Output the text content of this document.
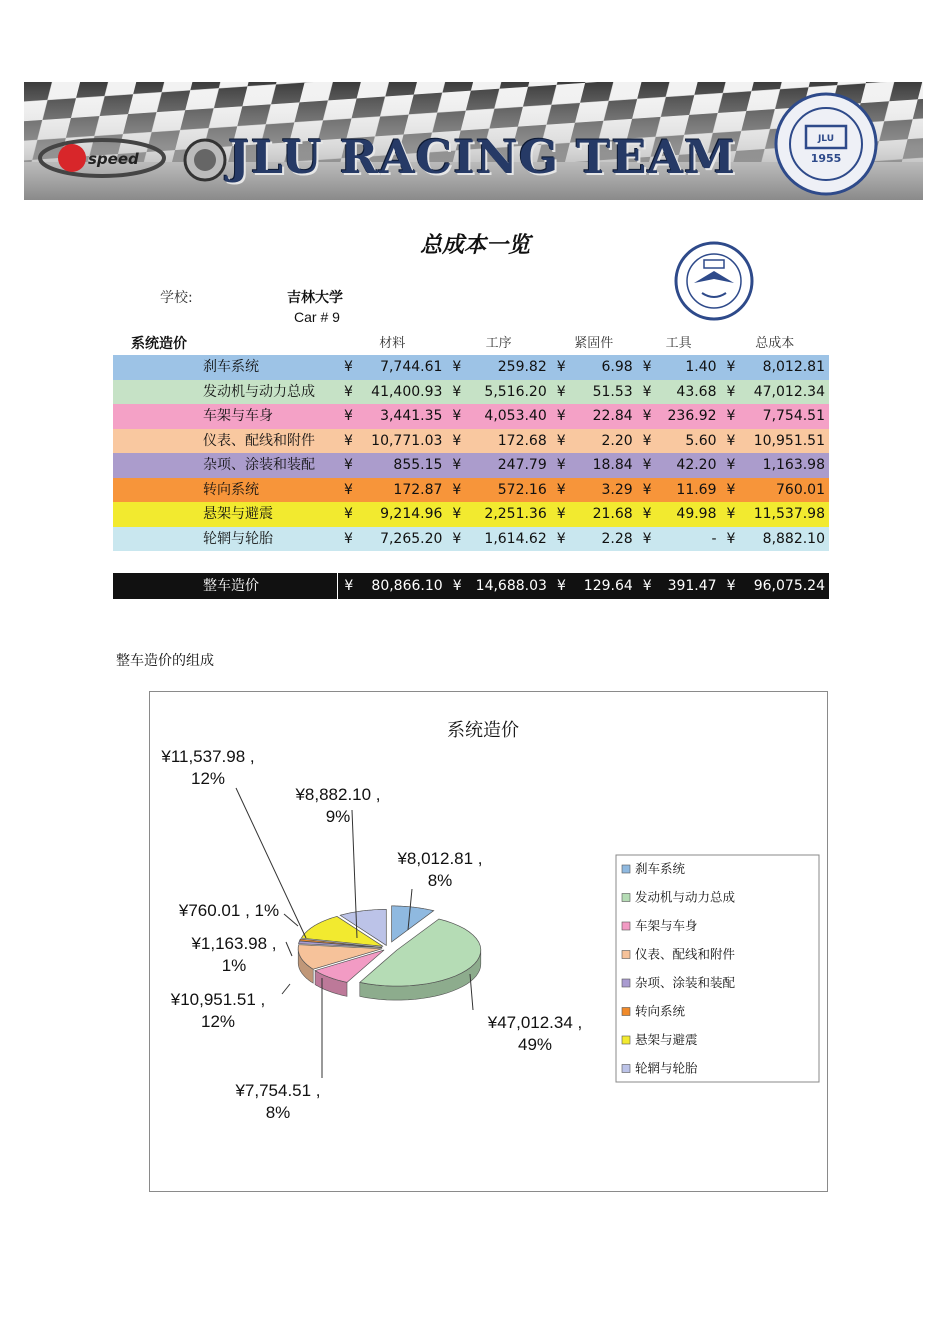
speed
JLU
1955
JLU RACING TEAM
总成本一览
学校:	吉林大学
Car # 9
系统造价	材料		工序		紧固件		工具		总成本	
刹车系统	¥	7,744.61	¥	259.82	¥	6.98	¥	1.40	¥	8,012.81
发动机与动力总成	¥	41,400.93	¥	5,516.20	¥	51.53	¥	43.68	¥	47,012.34
车架与车身	¥	3,441.35	¥	4,053.40	¥	22.84	¥	236.92	¥	7,754.51
仪表、配线和附件	¥	10,771.03	¥	172.68	¥	2.20	¥	5.60	¥	10,951.51
杂项、涂装和装配	¥	855.15	¥	247.79	¥	18.84	¥	42.20	¥	1,163.98
转向系统	¥	172.87	¥	572.16	¥	3.29	¥	11.69	¥	760.01
悬架与避震	¥	9,214.96	¥	2,251.36	¥	21.68	¥	49.98	¥	11,537.98
轮辋与轮胎	¥	7,265.20	¥	1,614.62	¥	2.28	¥	-	¥	8,882.10

整车造价	¥	80,866.10	¥	14,688.03	¥	129.64	¥	391.47	¥	96,075.24
整车造价的组成
系统造价
¥8,012.81 ,
8%
¥47,012.34 ,
49%
¥7,754.51 ,
8%
¥10,951.51 ,
12%
¥1,163.98 ,
1%
¥760.01 , 1%
¥11,537.98 ,
12%
¥8,882.10 ,
9%
刹车系统
发动机与动力总成
车架与车身
仪表、配线和附件
杂项、涂装和装配
转向系统
悬架与避震
轮辋与轮胎
